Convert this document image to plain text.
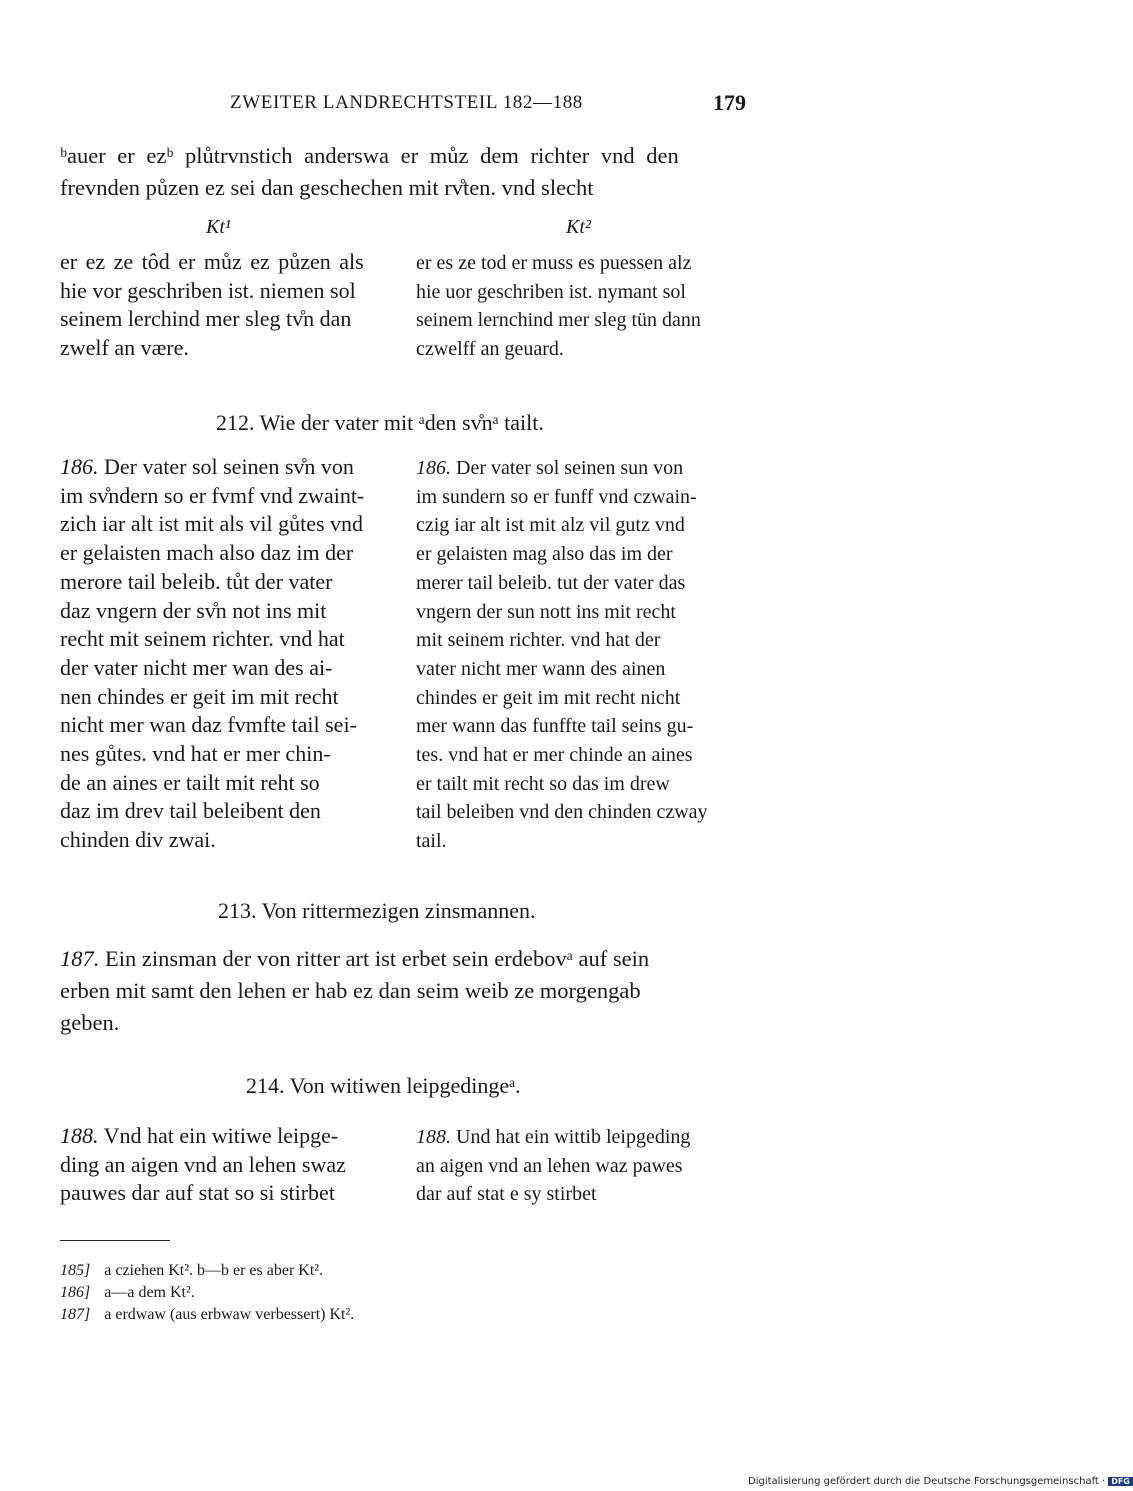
ZWEITER LANDRECHTSTEIL 182—188	179
ᵇauer er ezᵇ plůtrvnstich anderswa er můz dem richter vnd den
frevnden půzen ez sei dan geschechen mit rv̊ten. vnd slecht
Kt¹	Kt²
er ez ze tôd er můz ez půzen als
hie vor geschriben ist. niemen sol
seinem lerchind mer sleg tv̊n dan
zwelf an være.
er es ze tod er muss es puessen alz
hie uor geschriben ist. nymant sol
seinem lernchind mer sleg tün dann
czwelff an geuard.
212. Wie der vater mit ᵃden sv̊nᵃ tailt.
186. Der vater sol seinen sv̊n von
im sv̊ndern so er fvmf vnd zwaint-
zich iar alt ist mit als vil gůtes vnd
er gelaisten mach also daz im der
merore tail beleib. tůt der vater
daz vngern der sv̊n not ins mit
recht mit seinem richter. vnd hat
der vater nicht mer wan des ai-
nen chindes er geit im mit recht
nicht mer wan daz fvmfte tail sei-
nes gůtes. vnd hat er mer chin-
de an aines er tailt mit reht so
daz im drev tail beleibent den
chinden div zwai.
186. Der vater sol seinen sun von
im sundern so er funff vnd czwain-
czig iar alt ist mit alz vil gutz vnd
er gelaisten mag also das im der
merer tail beleib. tut der vater das
vngern der sun nott ins mit recht
mit seinem richter. vnd hat der
vater nicht mer wann des ainen
chindes er geit im mit recht nicht
mer wann das funffte tail seins gu-
tes. vnd hat er mer chinde an aines
er tailt mit recht so das im drew
tail beleiben vnd den chinden czway
tail.
213. Von rittermezigen zinsmannen.
187. Ein zinsman der von ritter art ist erbet sein erdebovᵃ auf sein
erben mit samt den lehen er hab ez dan seim weib ze morgengab
geben.
214. Von witiwen leipgedingeᵃ.
188. Vnd hat ein witiwe leipge-
ding an aigen vnd an lehen swaz
pauwes dar auf stat so si stirbet
188. Und hat ein wittib leipgeding
an aigen vnd an lehen waz pawes
dar auf stat e sy stirbet
185] a cziehen Kt². b—b er es aber Kt².
186] a—a dem Kt².
187] a erdwaw (aus erbwaw verbessert) Kt².
Digitalisierung gefördert durch die Deutsche Forschungsgemeinschaft · DFG
